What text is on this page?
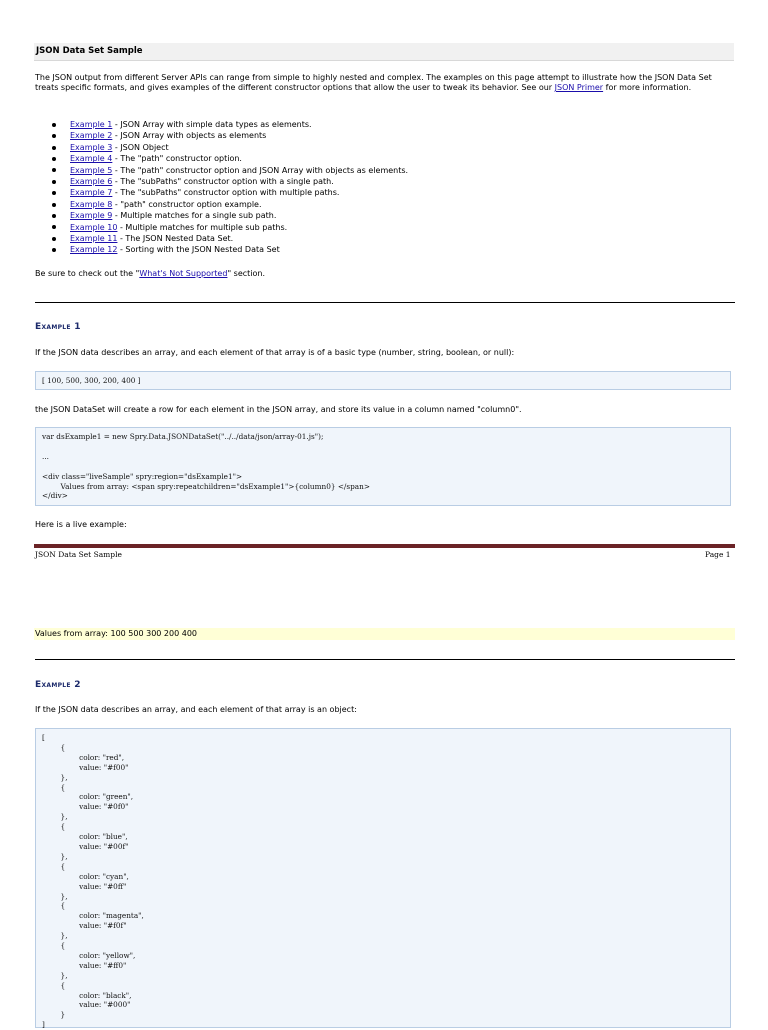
JSON Data Set Sample

The JSON output from different Server APIs can range from simple to highly nested and complex. The examples on this page attempt to illustrate how the JSON Data Set treats specific formats, and gives examples of the different constructor options that allow the user to tweak its behavior. See our JSON Primer for more information.

Example 1 - JSON Array with simple data types as elements.
Example 2 - JSON Array with objects as elements
Example 3 - JSON Object
Example 4 - The "path" constructor option.
Example 5 - The "path" constructor option and JSON Array with objects as elements.
Example 6 - The "subPaths" constructor option with a single path.
Example 7 - The "subPaths" constructor option with multiple paths.
Example 8 - "path" constructor option example.
Example 9 - Multiple matches for a single sub path.
Example 10 - Multiple matches for multiple sub paths.
Example 11 - The JSON Nested Data Set.
Example 12 - Sorting with the JSON Nested Data Set

Be sure to check out the "What's Not Supported" section.

Example 1

If the JSON data describes an array, and each element of that array is of a basic type (number, string, boolean, or null):

[ 100, 500, 300, 200, 400 ]

the JSON DataSet will create a row for each element in the JSON array, and store its value in a column named "column0".

var dsExample1 = new Spry.Data.JSONDataSet("../../data/json/array-01.js");

...

<div class="liveSample" spry:region="dsExample1">
Values from array: <span spry:repeatchildren="dsExample1">{column0} </span>
</div>

Here is a live example:

JSON Data Set Sample	Page 1
Values from array: 100 500 300 200 400
Example 2

If the JSON data describes an array, and each element of that array is an object:

[
{
color: "red",
value: "#f00"
},
{
color: "green",
value: "#0f0"
},
{
color: "blue",
value: "#00f"
},
{
color: "cyan",
value: "#0ff"
},
{
color: "magenta",
value: "#f0f"
},
{
color: "yellow",
value: "#ff0"
},
{
color: "black",
value: "#000"
}
]
